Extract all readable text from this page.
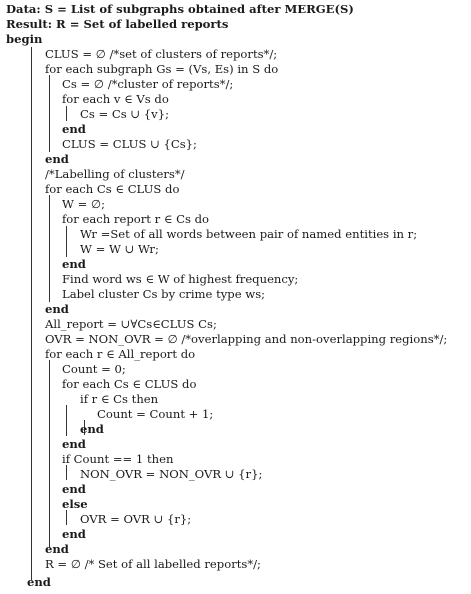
Data: S = List of subgraphs obtained after MERGE(S)
Result: R = Set of labelled reports
begin
CLUS = ∅ /*set of clusters of reports*/;
for each subgraph Gs = (Vs, Es) in S do
Cs = ∅ /*cluster of reports*/;
for each v ∈ Vs do
Cs = Cs ∪ {v};
end
CLUS = CLUS ∪ {Cs};
end
/*Labelling of clusters*/
for each Cs ∈ CLUS do
W = ∅;
for each report r ∈ Cs do
Wr =Set of all words between pair of named entities in r;
W = W ∪ Wr;
end
Find word ws ∈ W of highest frequency;
Label cluster Cs by crime type ws;
end
All_report = ∪∀Cs∈CLUS Cs;
OVR = NON_OVR = ∅ /*overlapping and non-overlapping regions*/;
for each r ∈ All_report do
Count = 0;
for each Cs ∈ CLUS do
if r ∈ Cs then
Count = Count + 1;
end
end
if Count == 1 then
NON_OVR = NON_OVR ∪ {r};
end
else
OVR = OVR ∪ {r};
end
end
R = ∅ /* Set of all labelled reports*/;
end
